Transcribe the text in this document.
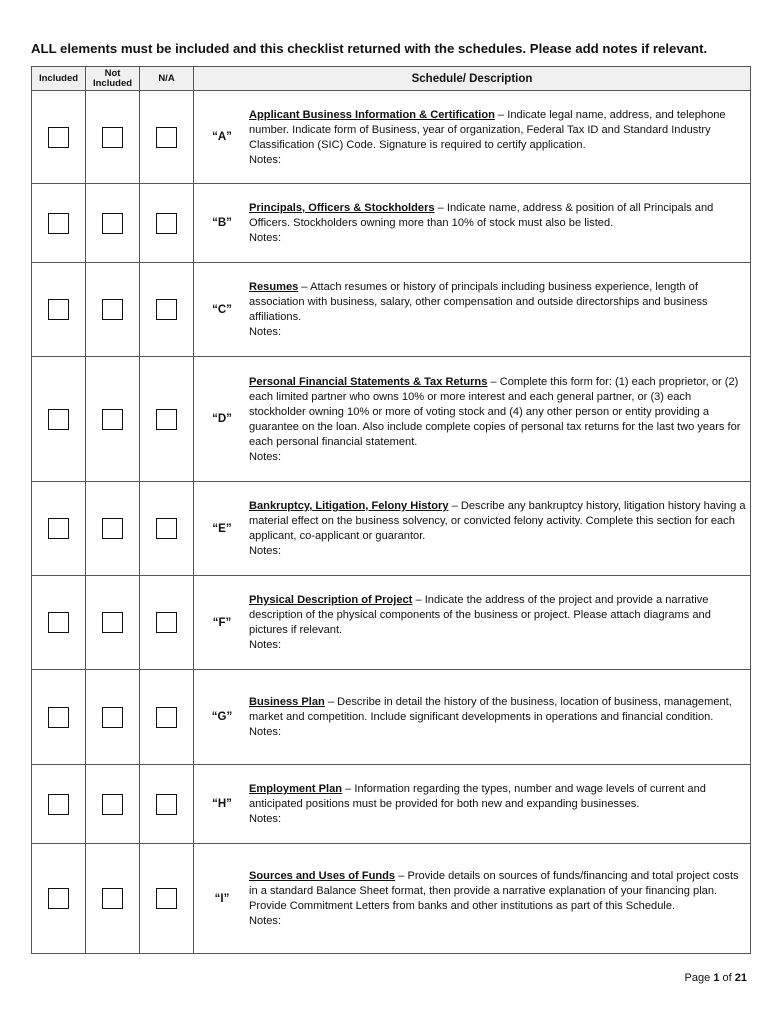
ALL elements must be included and this checklist returned with the schedules. Please add notes if relevant.
Included	Not Included	N/A	Schedule/ Description

			“A”
Applicant Business Information & Certification – Indicate legal name, address, and telephone number. Indicate form of Business, year of organization, Federal Tax ID and Standard Industry Classification (SIC) Code. Signature is required to certify application.
Notes:

			“B”
Principals, Officers & Stockholders – Indicate name, address & position of all Principals and Officers. Stockholders owning more than 10% of stock must also be listed.
Notes:

			“C”
Resumes – Attach resumes or history of principals including business experience, length of association with business, salary, other compensation and outside directorships and business affiliations.
Notes:

			“D”
Personal Financial Statements & Tax Returns – Complete this form for: (1) each proprietor, or (2) each limited partner who owns 10% or more interest and each general partner, or (3) each stockholder owning 10% or more of voting stock and (4) any other person or entity providing a guarantee on the loan. Also include complete copies of personal tax returns for the last two years for each personal financial statement.
Notes:

			“E”
Bankruptcy, Litigation, Felony History – Describe any bankruptcy history, litigation history having a material effect on the business solvency, or convicted felony activity. Complete this section for each applicant, co-applicant or guarantor.
Notes:

			“F”
Physical Description of Project – Indicate the address of the project and provide a narrative description of the physical components of the business or project. Please attach diagrams and pictures if relevant.
Notes:

			“G”
Business Plan – Describe in detail the history of the business, location of business, management, market and competition. Include significant developments in operations and financial condition.
Notes:

			“H”
Employment Plan – Information regarding the types, number and wage levels of current and anticipated positions must be provided for both new and expanding businesses.
Notes:

			“I”
Sources and Uses of Funds – Provide details on sources of funds/financing and total project costs in a standard Balance Sheet format, then provide a narrative explanation of your financing plan. Provide Commitment Letters from banks and other institutions as part of this Schedule.
Notes:
Page 1 of 21
